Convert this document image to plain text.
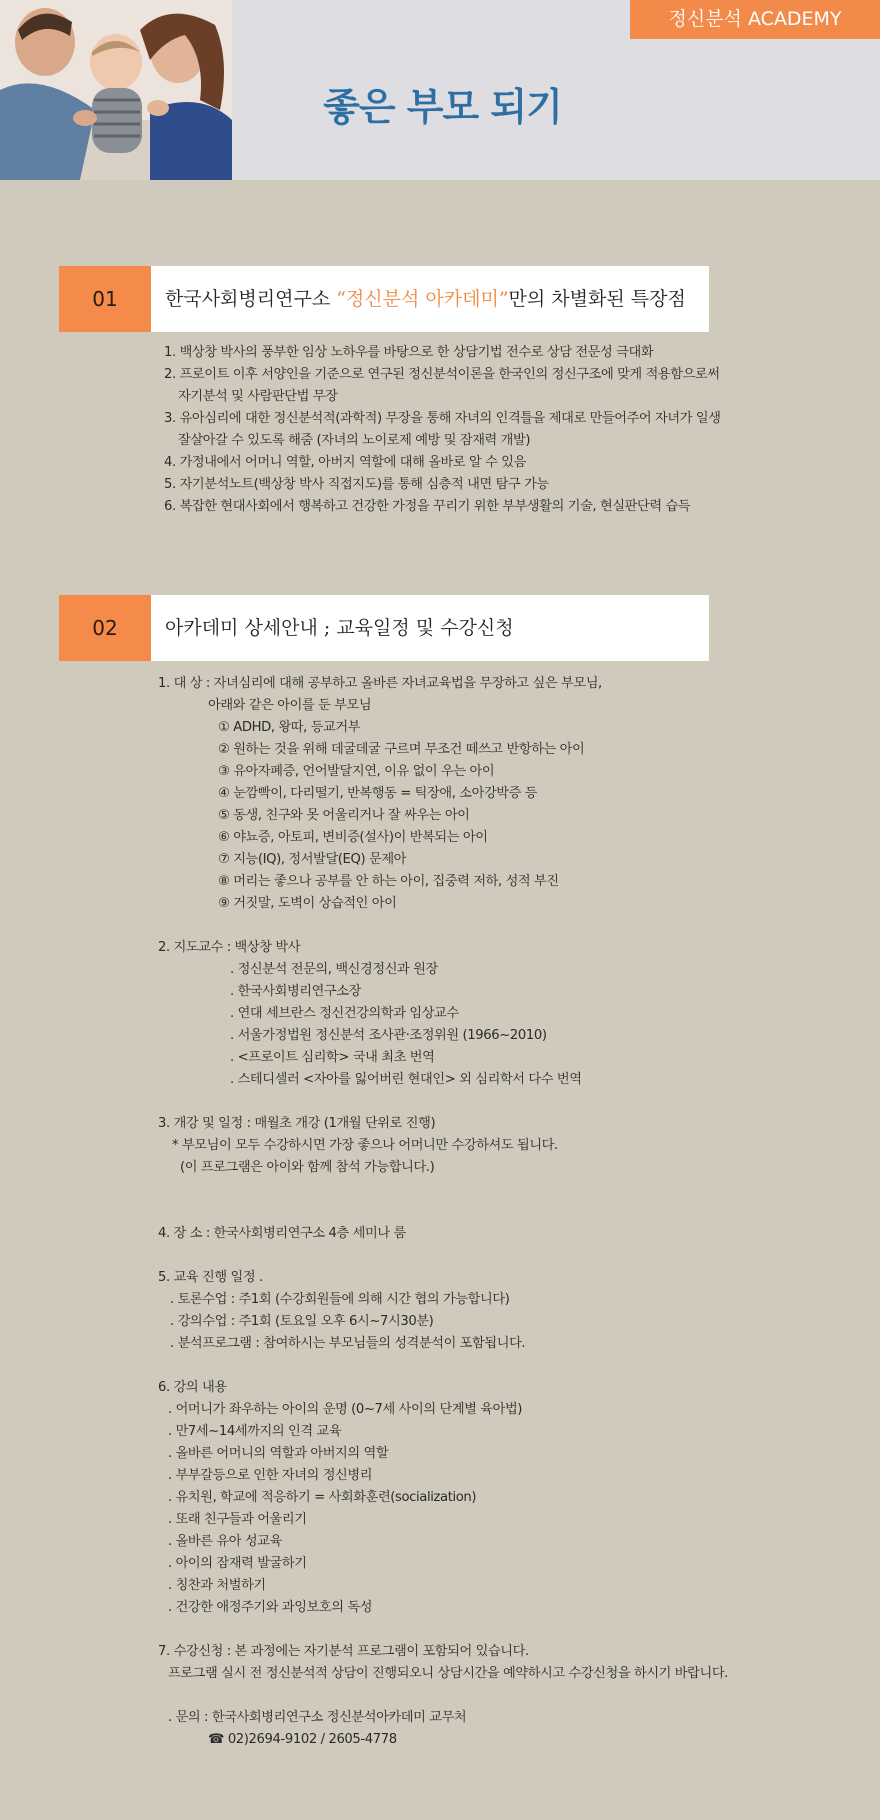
정신분석 ACADEMY
좋은 부모 되기
01	한국사회병리연구소 “정신분석 아카데미”만의 차별화된 특장점
1. 백상창 박사의 풍부한 임상 노하우를 바탕으로 한 상담기법 전수로 상담 전문성 극대화
2. 프로이트 이후 서양인을 기준으로 연구된 정신분석이론을 한국인의 정신구조에 맞게 적용함으로써
자기분석 및 사람판단법 무장
3. 유아심리에 대한 정신분석적(과학적) 무장을 통해 자녀의 인격틀을 제대로 만들어주어 자녀가 일생
잘살아갈 수 있도록 해줌 (자녀의 노이로제 예방 및 잠재력 개발)
4. 가정내에서 어머니 역할, 아버지 역할에 대해 올바로 알 수 있음
5. 자기분석노트(백상창 박사 직접지도)를 통해 심층적 내면 탐구 가능
6. 복잡한 현대사회에서 행복하고 건강한 가정을 꾸리기 위한 부부생활의 기술, 현실판단력 습득
02	아카데미 상세안내 ; 교육일정 및 수강신청
1. 대 상 : 자녀심리에 대해 공부하고 올바른 자녀교육법을 무장하고 싶은 부모님,
아래와 같은 아이를 둔 부모님
① ADHD, 왕따, 등교거부
② 원하는 것을 위해 데굴데굴 구르며 무조건 떼쓰고 반항하는 아이
③ 유아자폐증, 언어발달지연, 이유 없이 우는 아이
④ 눈깜빡이, 다리떨기, 반복행동 = 틱장애, 소아강박증 등
⑤ 동생, 친구와 못 어울리거나 잘 싸우는 아이
⑥ 야뇨증, 아토피, 변비증(설사)이 반복되는 아이
⑦ 지능(IQ), 정서발달(EQ) 문제아
⑧ 머리는 좋으나 공부를 안 하는 아이, 집중력 저하, 성적 부진
⑨ 거짓말, 도벽이 상습적인 아이
2. 지도교수 : 백상창 박사
. 정신분석 전문의, 백신경정신과 원장
. 한국사회병리연구소장
. 연대 세브란스 정신건강의학과 임상교수
. 서울가정법원 정신분석 조사관·조정위원 (1966~2010)
. <프로이트 심리학> 국내 최초 번역
. 스테디셀러 <자아를 잃어버린 현대인> 외 심리학서 다수 번역
3. 개강 및 일정 : 매월초 개강 (1개월 단위로 진행)
* 부모님이 모두 수강하시면 가장 좋으나 어머니만 수강하셔도 됩니다.
(이 프로그램은 아이와 함께 참석 가능합니다.)
4. 장 소 : 한국사회병리연구소 4층 세미나 룸
5. 교육 진행 일정 .
. 토론수업 : 주1회 (수강회원들에 의해 시간 협의 가능합니다)
. 강의수업 : 주1회 (토요일 오후 6시~7시30분)
. 분석프로그램 : 참여하시는 부모님들의 성격분석이 포함됩니다.
6. 강의 내용
. 어머니가 좌우하는 아이의 운명 (0~7세 사이의 단계별 육아법)
. 만7세~14세까지의 인격 교육
. 올바른 어머니의 역할과 아버지의 역할
. 부부갈등으로 인한 자녀의 정신병리
. 유치원, 학교에 적응하기 = 사회화훈련(socialization)
. 또래 친구들과 어울리기
. 올바른 유아 성교육
. 아이의 잠재력 발굴하기
. 칭찬과 처벌하기
. 건강한 애정주기와 과잉보호의 독성
7. 수강신청 : 본 과정에는 자기분석 프로그램이 포함되어 있습니다.
프로그램 실시 전 정신분석적 상담이 진행되오니 상담시간을 예약하시고 수강신청을 하시기 바랍니다.
. 문의 : 한국사회병리연구소 정신분석아카데미 교무처
☎ 02)2694-9102 / 2605-4778
